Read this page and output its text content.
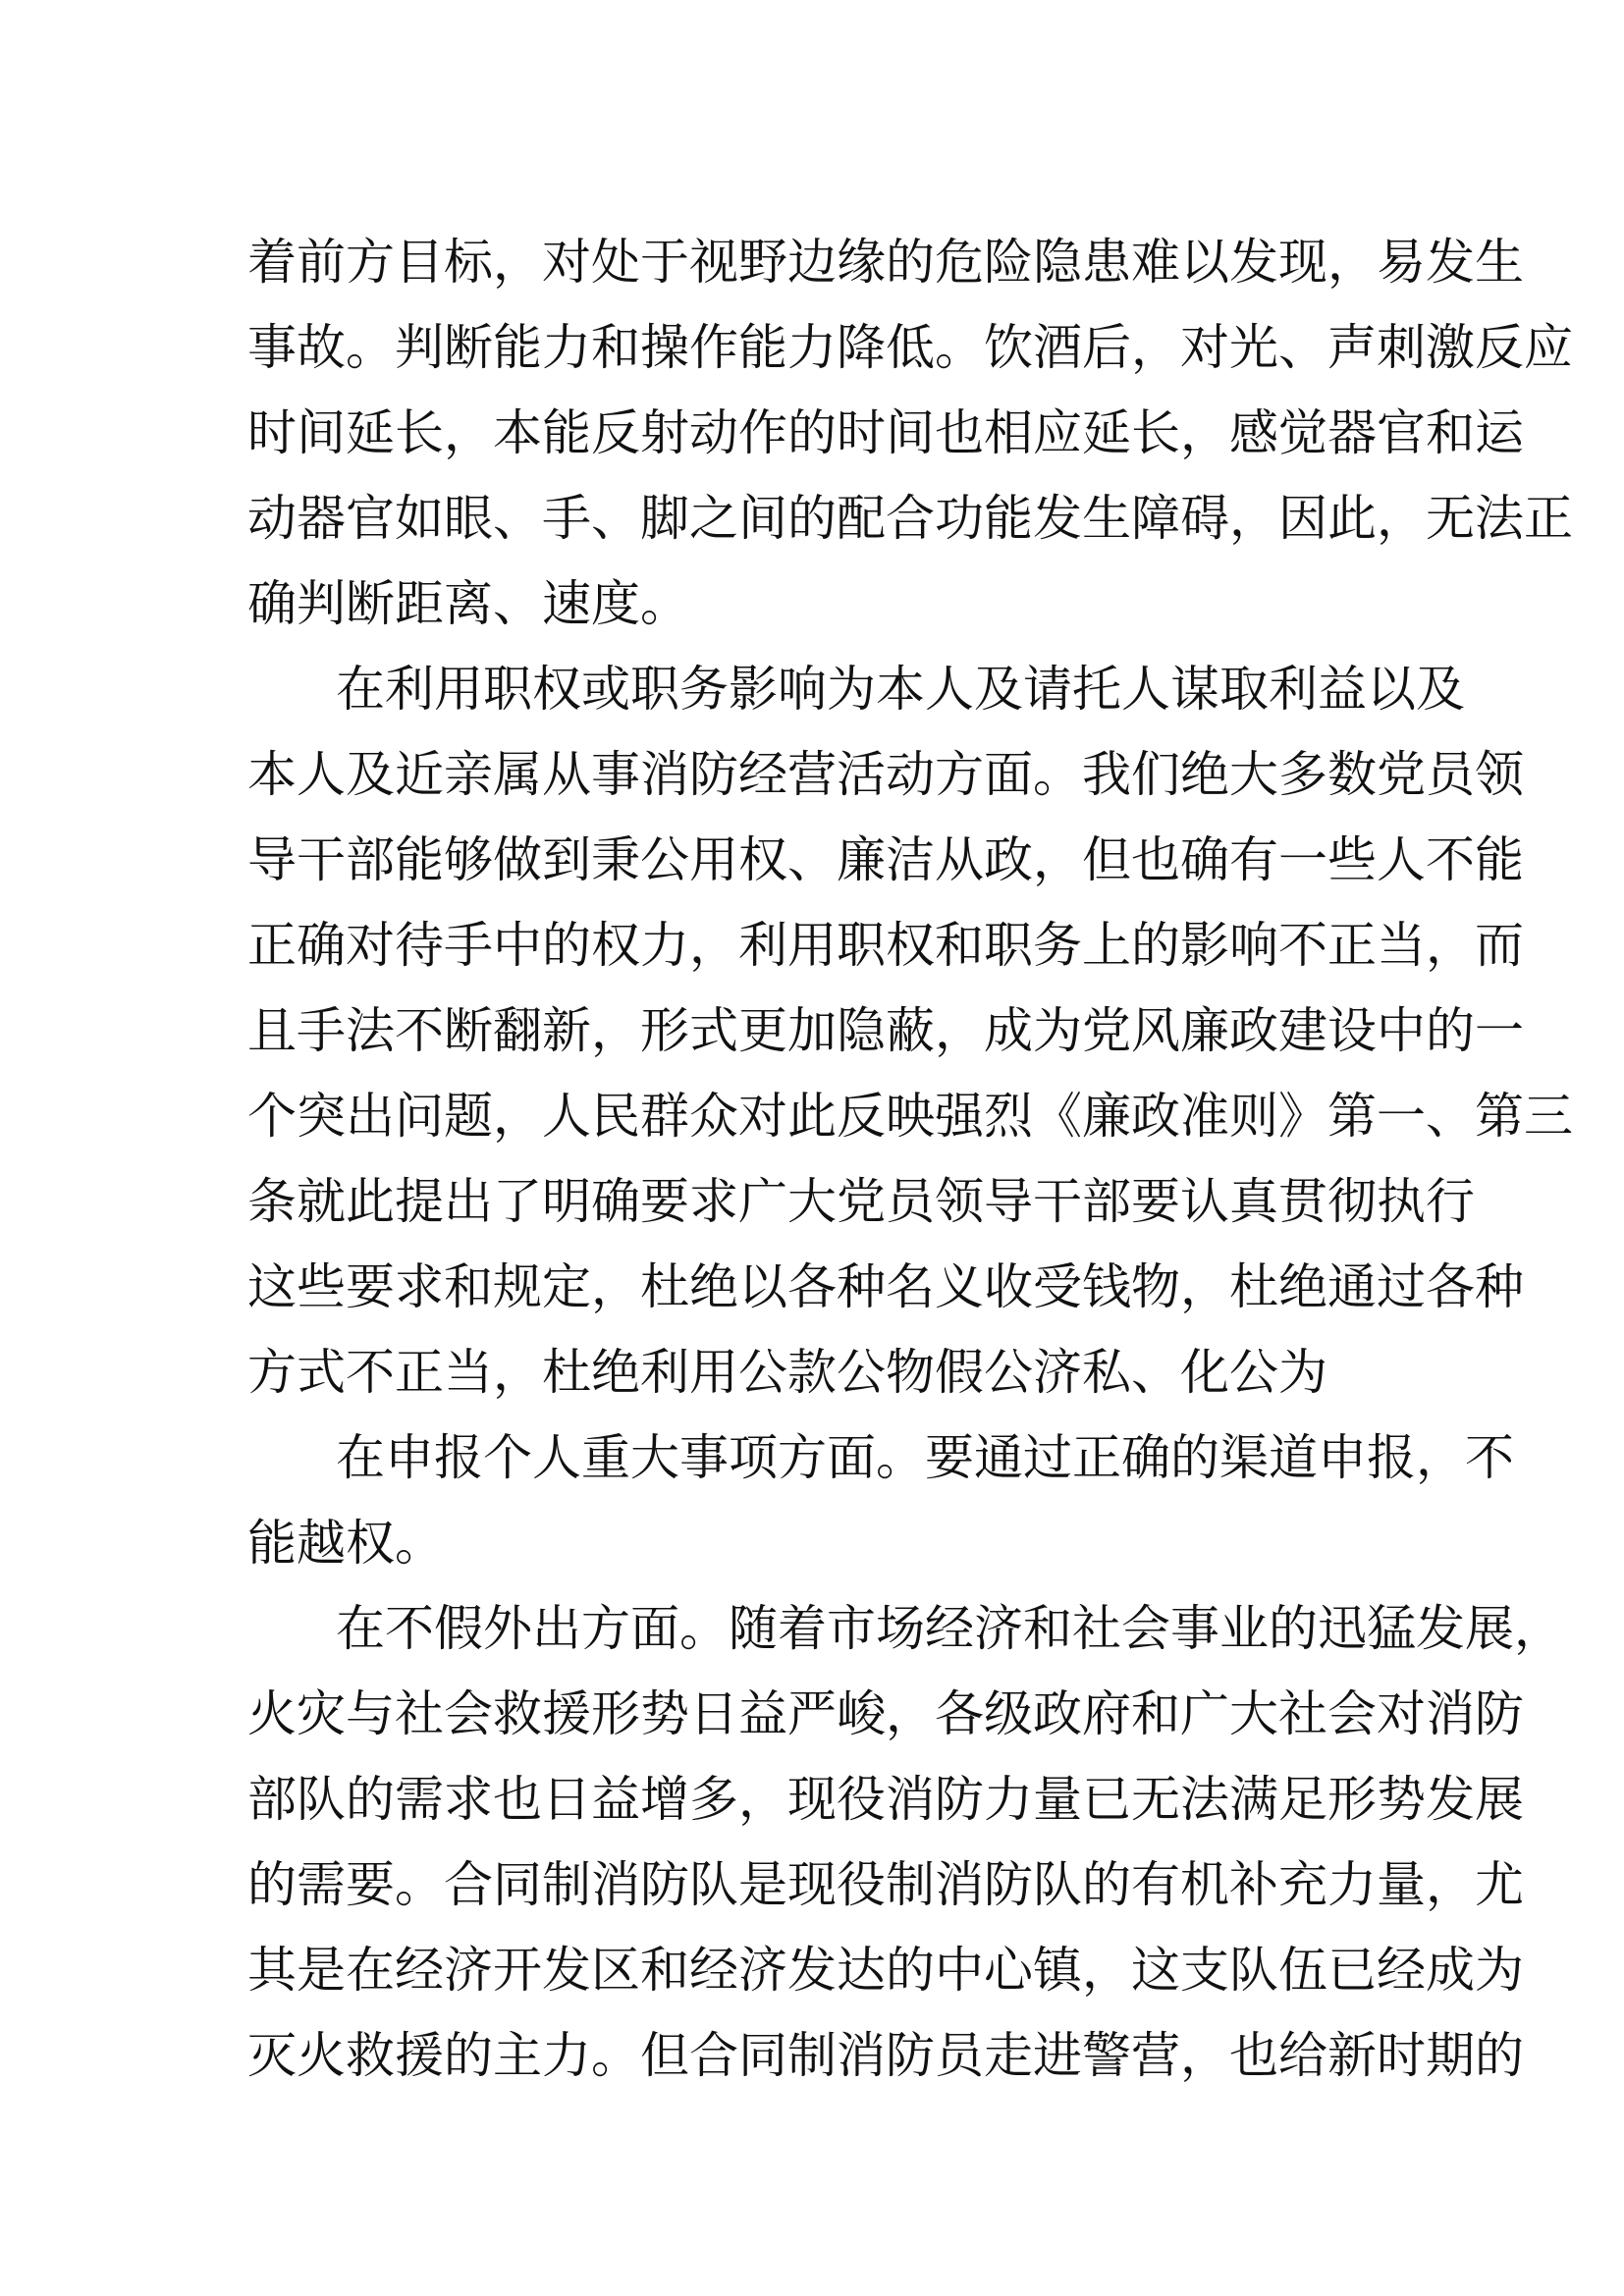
着前方目标，对处于视野边缘的危险隐患难以发现，易发生
事故。判断能力和操作能力降低。饮酒后，对光、声刺激反应
时间延长，本能反射动作的时间也相应延长，感觉器官和运
动器官如眼、手、脚之间的配合功能发生障碍，因此，无法正
确判断距离、速度。
在利用职权或职务影响为本人及请托人谋取利益以及
本人及近亲属从事消防经营活动方面。我们绝大多数党员领
导干部能够做到秉公用权、廉洁从政，但也确有一些人不能
正确对待手中的权力，利用职权和职务上的影响不正当，而
且手法不断翻新，形式更加隐蔽，成为党风廉政建设中的一
个突出问题，人民群众对此反映强烈《廉政准则》第一、第三
条就此提出了明确要求广大党员领导干部要认真贯彻执行
这些要求和规定，杜绝以各种名义收受钱物，杜绝通过各种
方式不正当，杜绝利用公款公物假公济私、化公为
在申报个人重大事项方面。要通过正确的渠道申报，不
能越权。
在不假外出方面。随着市场经济和社会事业的迅猛发展，
火灾与社会救援形势日益严峻，各级政府和广大社会对消防
部队的需求也日益增多，现役消防力量已无法满足形势发展
的需要。合同制消防队是现役制消防队的有机补充力量，尤
其是在经济开发区和经济发达的中心镇，这支队伍已经成为
灭火救援的主力。但合同制消防员走进警营，也给新时期的
